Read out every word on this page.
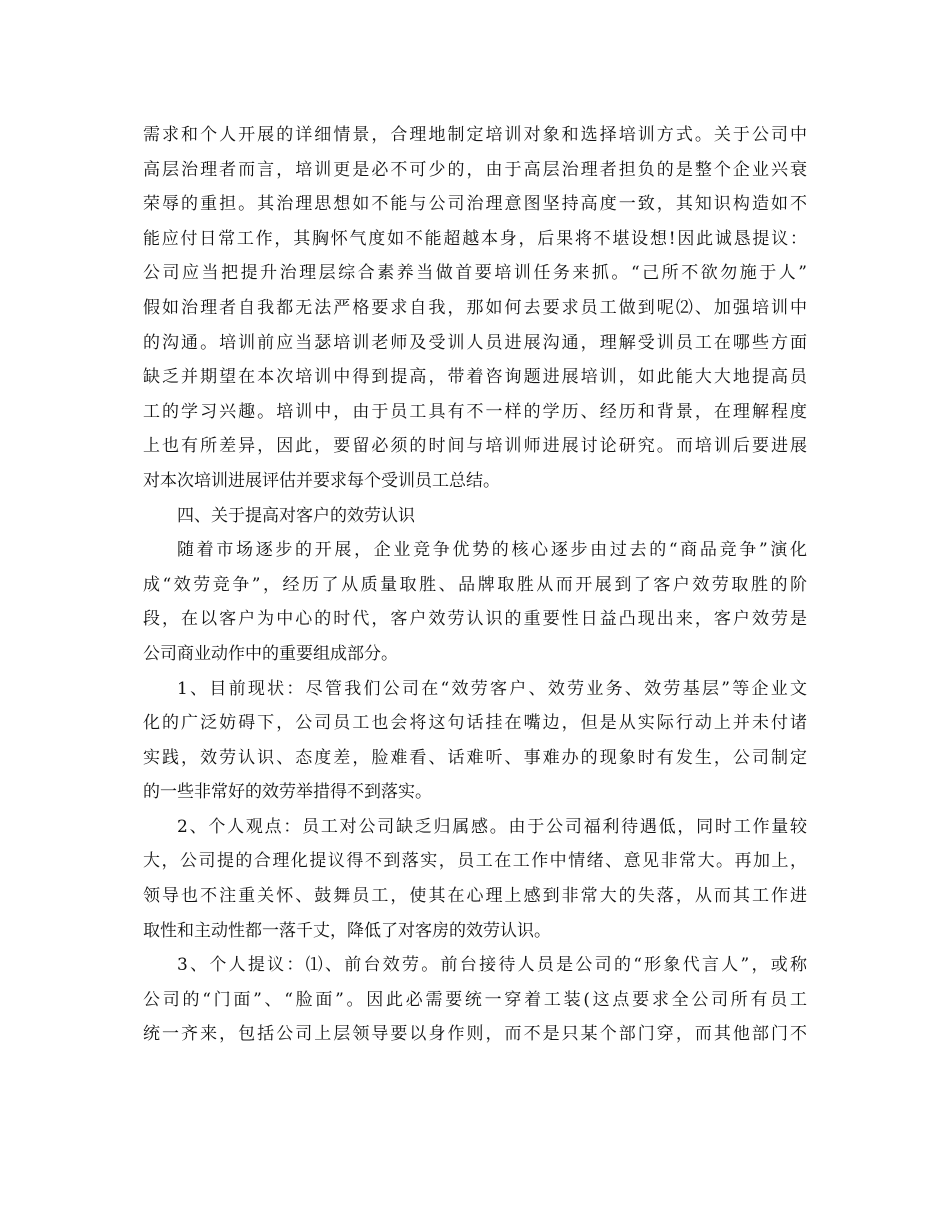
需求和个人开展的详细情景，合理地制定培训对象和选择培训方式。关于公司中
高层治理者而言，培训更是必不可少的，由于高层治理者担负的是整个企业兴衰
荣辱的重担。其治理思想如不能与公司治理意图坚持高度一致，其知识构造如不
能应付日常工作，其胸怀气度如不能超越本身，后果将不堪设想!因此诚恳提议：
公司应当把提升治理层综合素养当做首要培训任务来抓。“己所不欲勿施于人”
假如治理者自我都无法严格要求自我，那如何去要求员工做到呢⑵、加强培训中
的沟通。培训前应当瑟培训老师及受训人员进展沟通，理解受训员工在哪些方面
缺乏并期望在本次培训中得到提高，带着咨询题进展培训，如此能大大地提高员
工的学习兴趣。培训中，由于员工具有不一样的学历、经历和背景，在理解程度
上也有所差异，因此，要留必须的时间与培训师进展讨论研究。而培训后要进展
对本次培训进展评估并要求每个受训员工总结。
四、关于提高对客户的效劳认识
随着市场逐步的开展，企业竞争优势的核心逐步由过去的“商品竞争”演化
成“效劳竞争”，经历了从质量取胜、品牌取胜从而开展到了客户效劳取胜的阶
段，在以客户为中心的时代，客户效劳认识的重要性日益凸现出来，客户效劳是
公司商业动作中的重要组成部分。
1、目前现状：尽管我们公司在“效劳客户、效劳业务、效劳基层”等企业文
化的广泛妨碍下，公司员工也会将这句话挂在嘴边，但是从实际行动上并未付诸
实践，效劳认识、态度差，脸难看、话难听、事难办的现象时有发生，公司制定
的一些非常好的效劳举措得不到落实。
2、个人观点：员工对公司缺乏归属感。由于公司福利待遇低，同时工作量较
大，公司提的合理化提议得不到落实，员工在工作中情绪、意见非常大。再加上，
领导也不注重关怀、鼓舞员工，使其在心理上感到非常大的失落，从而其工作进
取性和主动性都一落千丈，降低了对客房的效劳认识。
3、个人提议：⑴、前台效劳。前台接待人员是公司的“形象代言人”，或称
公司的“门面”、“脸面”。因此必需要统一穿着工装(这点要求全公司所有员工
统一齐来，包括公司上层领导要以身作则，而不是只某个部门穿，而其他部门不
